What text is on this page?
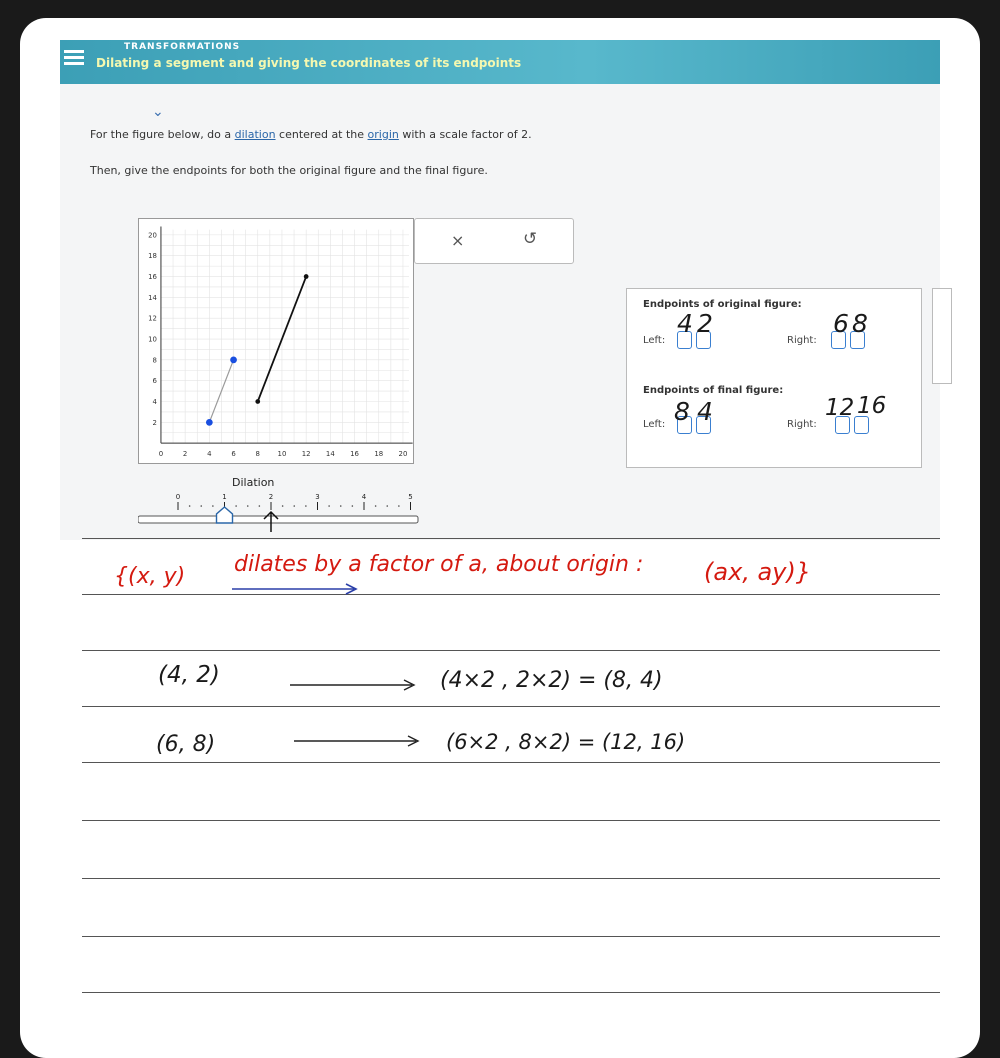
TRANSFORMATIONS
Dilating a segment and giving the coordinates of its endpoints
⌄
For the figure below, do a dilation centered at the origin with a scale factor of 2.
Then, give the endpoints for both the original figure and the final figure.
0	2	4	6	8	10 12 14 16 18 20
2
4
6
8
10
12
14
16
18
20
Dilation
0	1	2	3	4	5
×	↺
Endpoints of original figure:
Left:
4 2
Right:
6 8
Endpoints of final figure:
Left: 8 4	Right:
12 16
{(x, y) dilates by a factor of a, about origin :	(ax, ay)}
(4, 2)	(4×2 , 2×2) = (8, 4)
(6, 8)	(6×2 , 8×2) = (12, 16)
